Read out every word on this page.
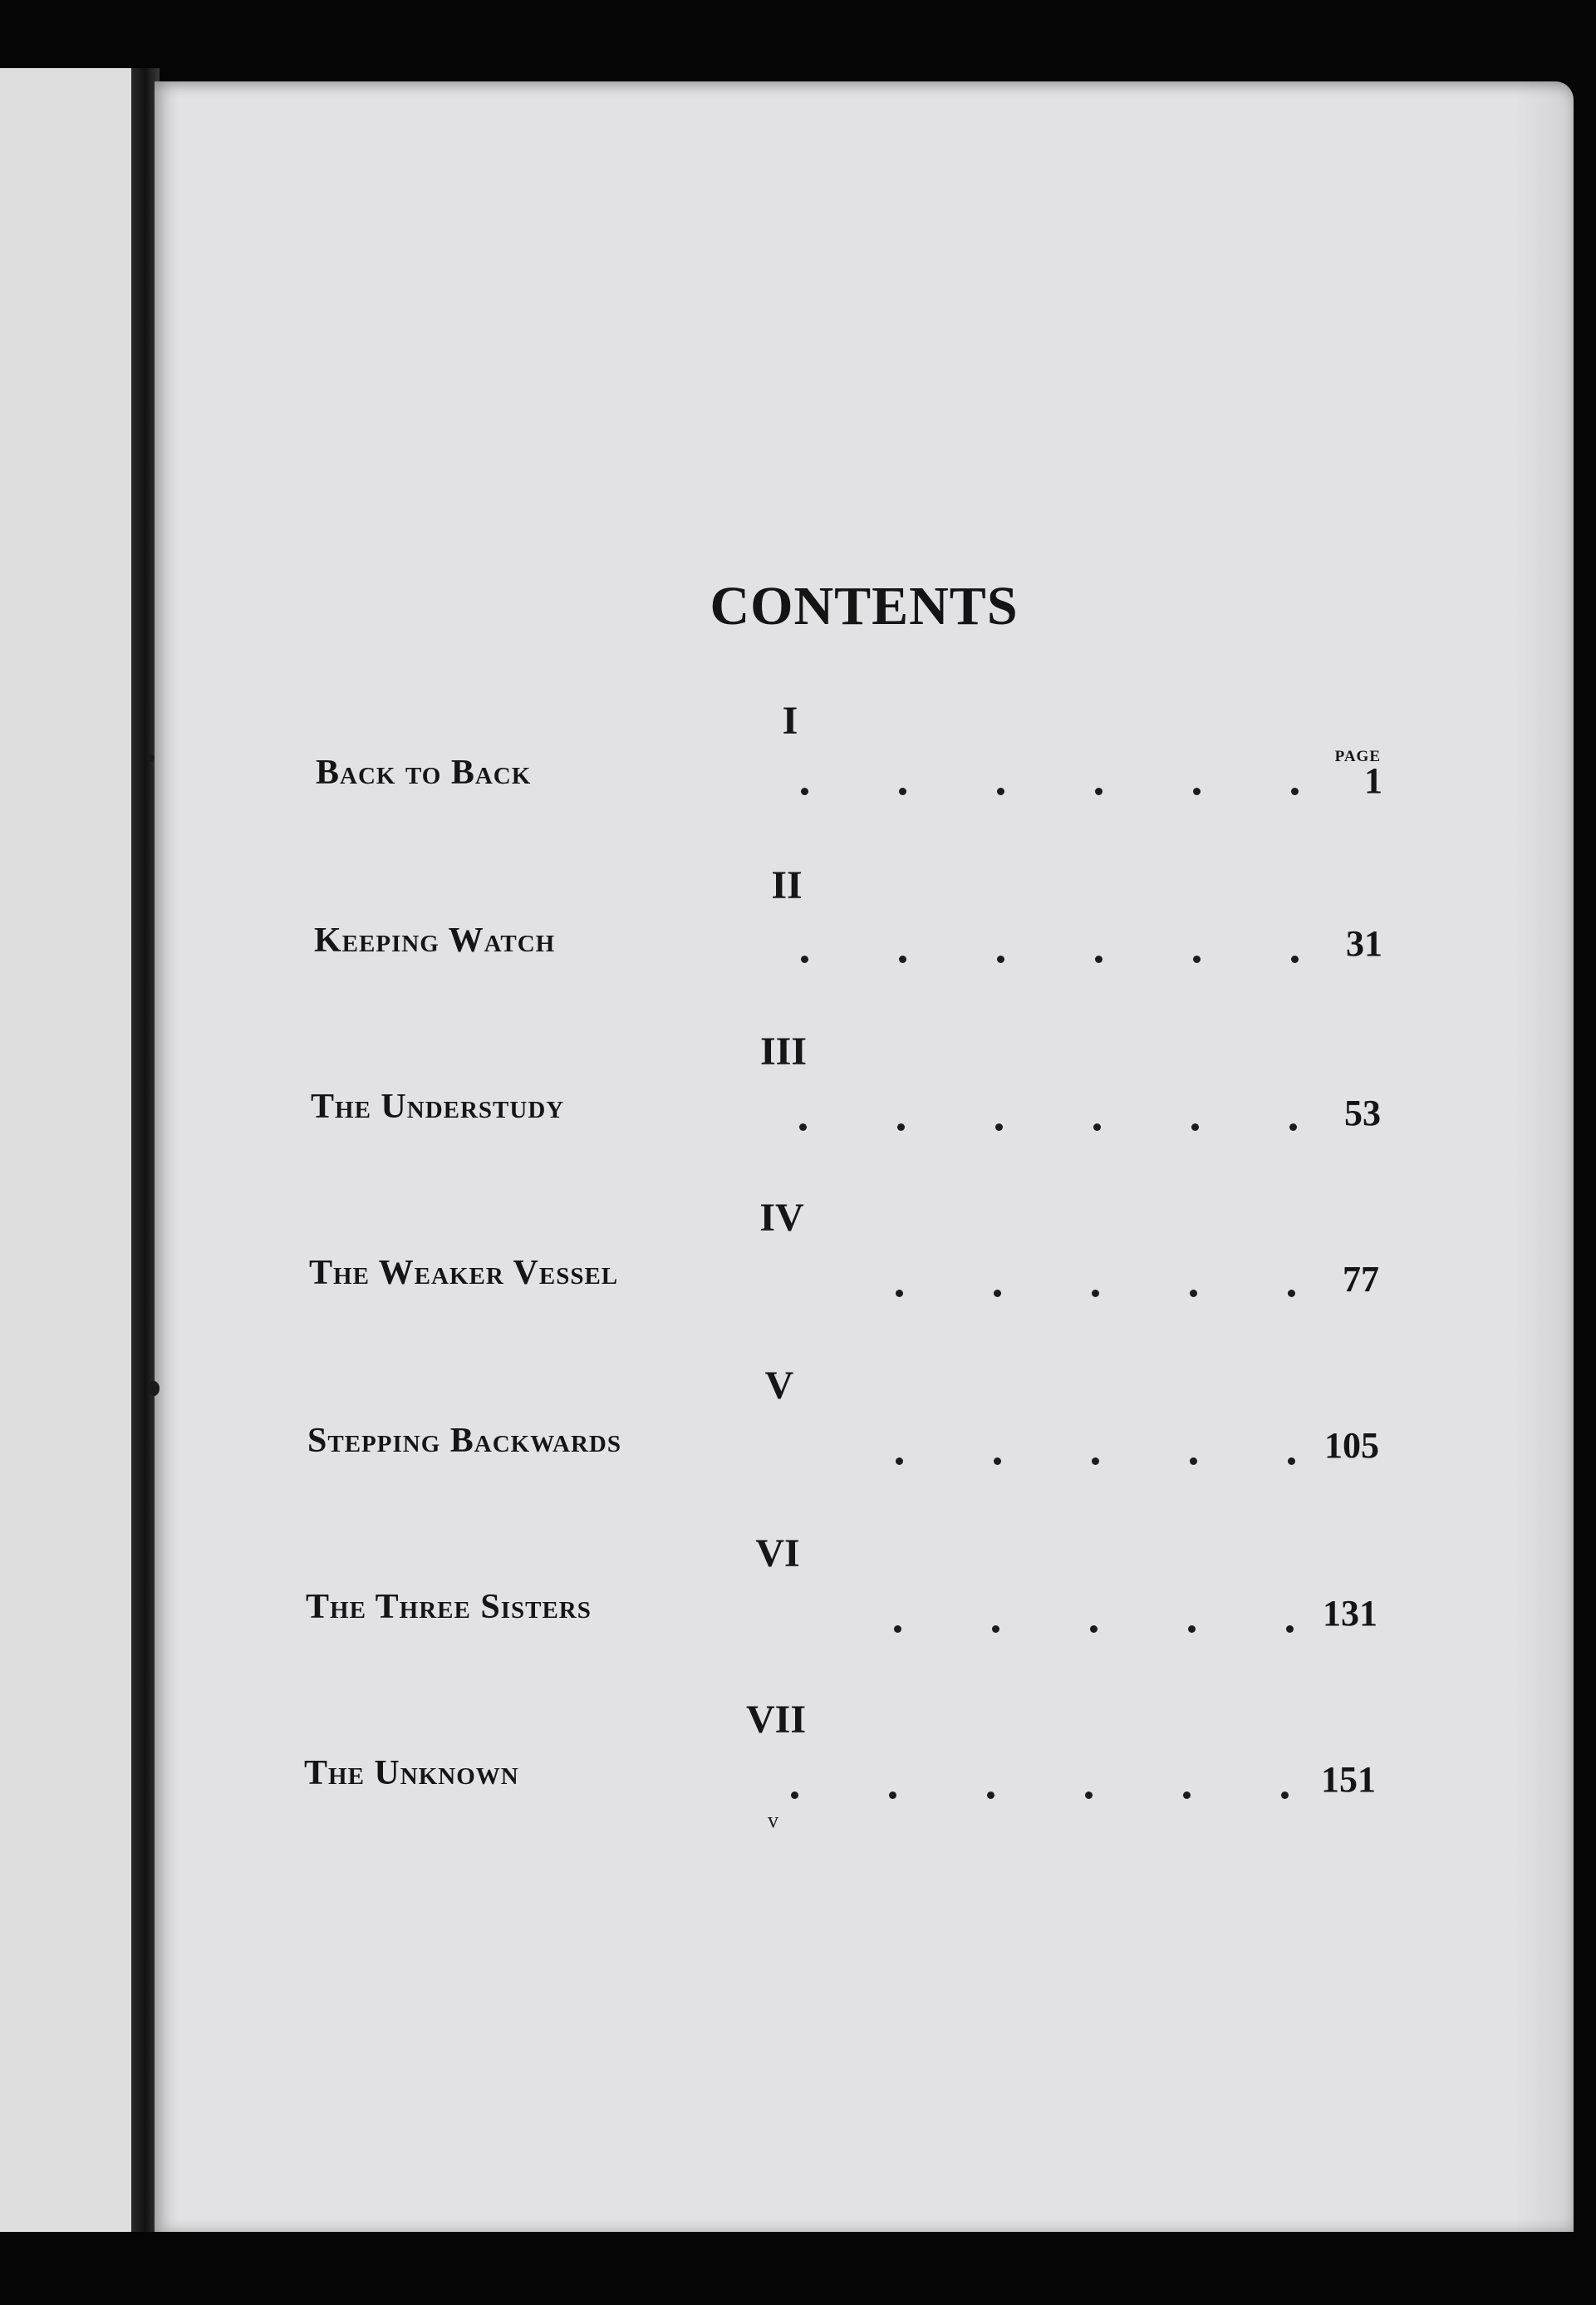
CONTENTS
I
PAGE
Back to Back	1
II
Keeping Watch	31
III
The Understudy	53
IV
The Weaker Vessel	77
V
Stepping Backwards	105
VI
The Three Sisters	131
VII
The Unknown	151
v
